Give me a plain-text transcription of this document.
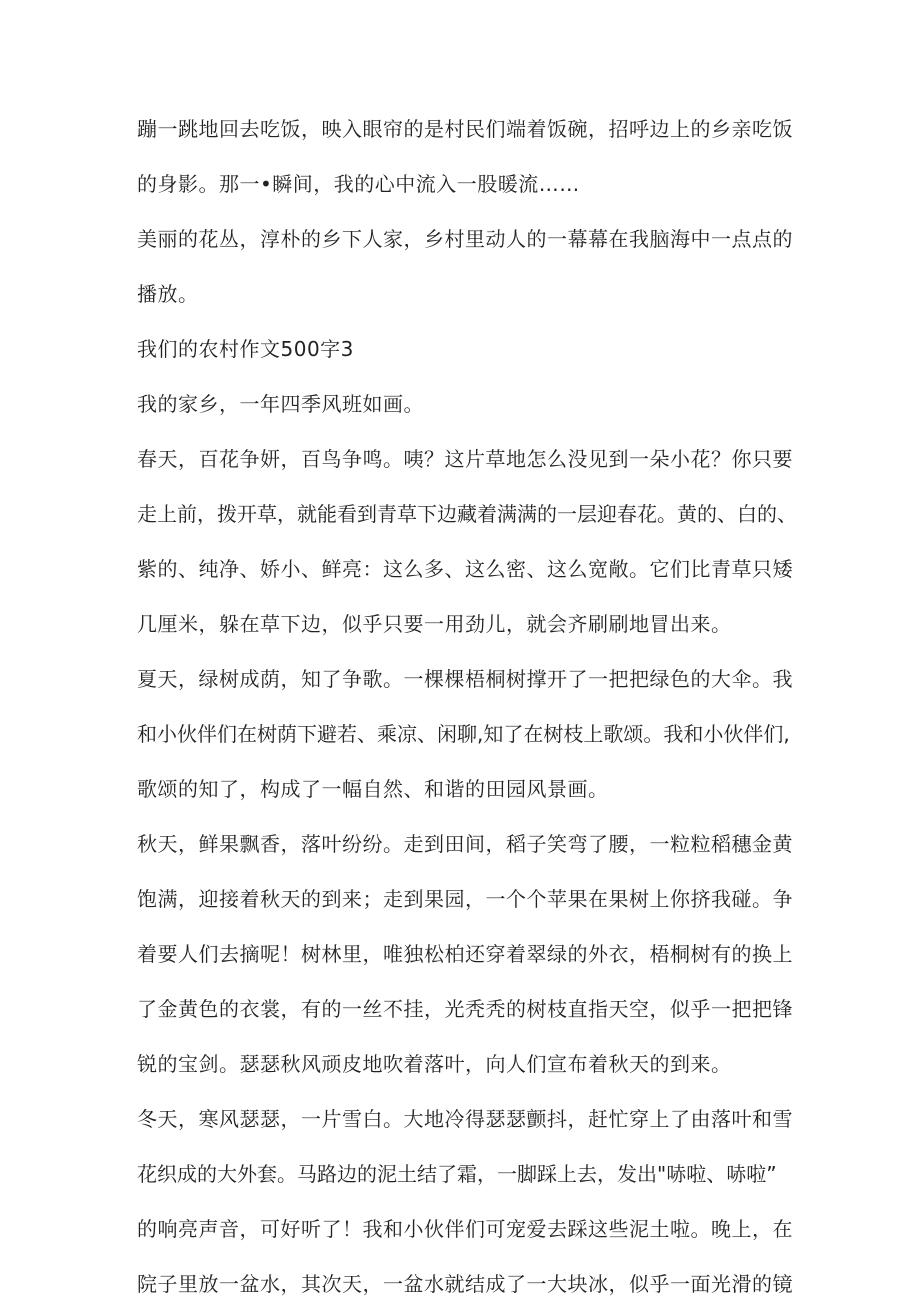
蹦一跳地回去吃饭，映入眼帘的是村民们端着饭碗，招呼边上的乡亲吃饭

的身影。那一•瞬间，我的心中流入一股暖流……

美丽的花丛，淳朴的乡下人家，乡村里动人的一幕幕在我脑海中一点点的

播放。

我们的农村作文500字3

我的家乡，一年四季风班如画。

春天，百花争妍，百鸟争鸣。咦？这片草地怎么没见到一朵小花？你只要

走上前，拨开草，就能看到青草下边藏着满满的一层迎春花。黄的、白的、

紫的、纯净、娇小、鲜亮：这么多、这么密、这么宽敞。它们比青草只矮

几厘米，躲在草下边，似乎只要一用劲儿，就会齐刷刷地冒出来。

夏天，绿树成荫，知了争歌。一棵棵梧桐树撑开了一把把绿色的大伞。我

和小伙伴们在树荫下避若、乘凉、闲聊,知了在树枝上歌颂。我和小伙伴们,

歌颂的知了，构成了一幅自然、和谐的田园风景画。

秋天，鲜果飘香，落叶纷纷。走到田间，稻子笑弯了腰，一粒粒稻穗金黄

饱满，迎接着秋天的到来；走到果园，一个个苹果在果树上你挤我碰。争

着要人们去摘呢！树林里，唯独松柏还穿着翠绿的外衣，梧桐树有的换上

了金黄色的衣裳，有的一丝不挂，光秃秃的树枝直指天空，似乎一把把锋

锐的宝剑。瑟瑟秋风顽皮地吹着落叶，向人们宣布着秋天的到来。

冬天，寒风瑟瑟，一片雪白。大地冷得瑟瑟颤抖，赶忙穿上了由落叶和雪

花织成的大外套。马路边的泥土结了霜，一脚踩上去，发出"哧啦、哧啦”

的响亮声音，可好听了！我和小伙伴们可宠爱去踩这些泥土啦。晚上，在

院子里放一盆水，其次天，一盆水就结成了一大块冰，似乎一面光滑的镜
